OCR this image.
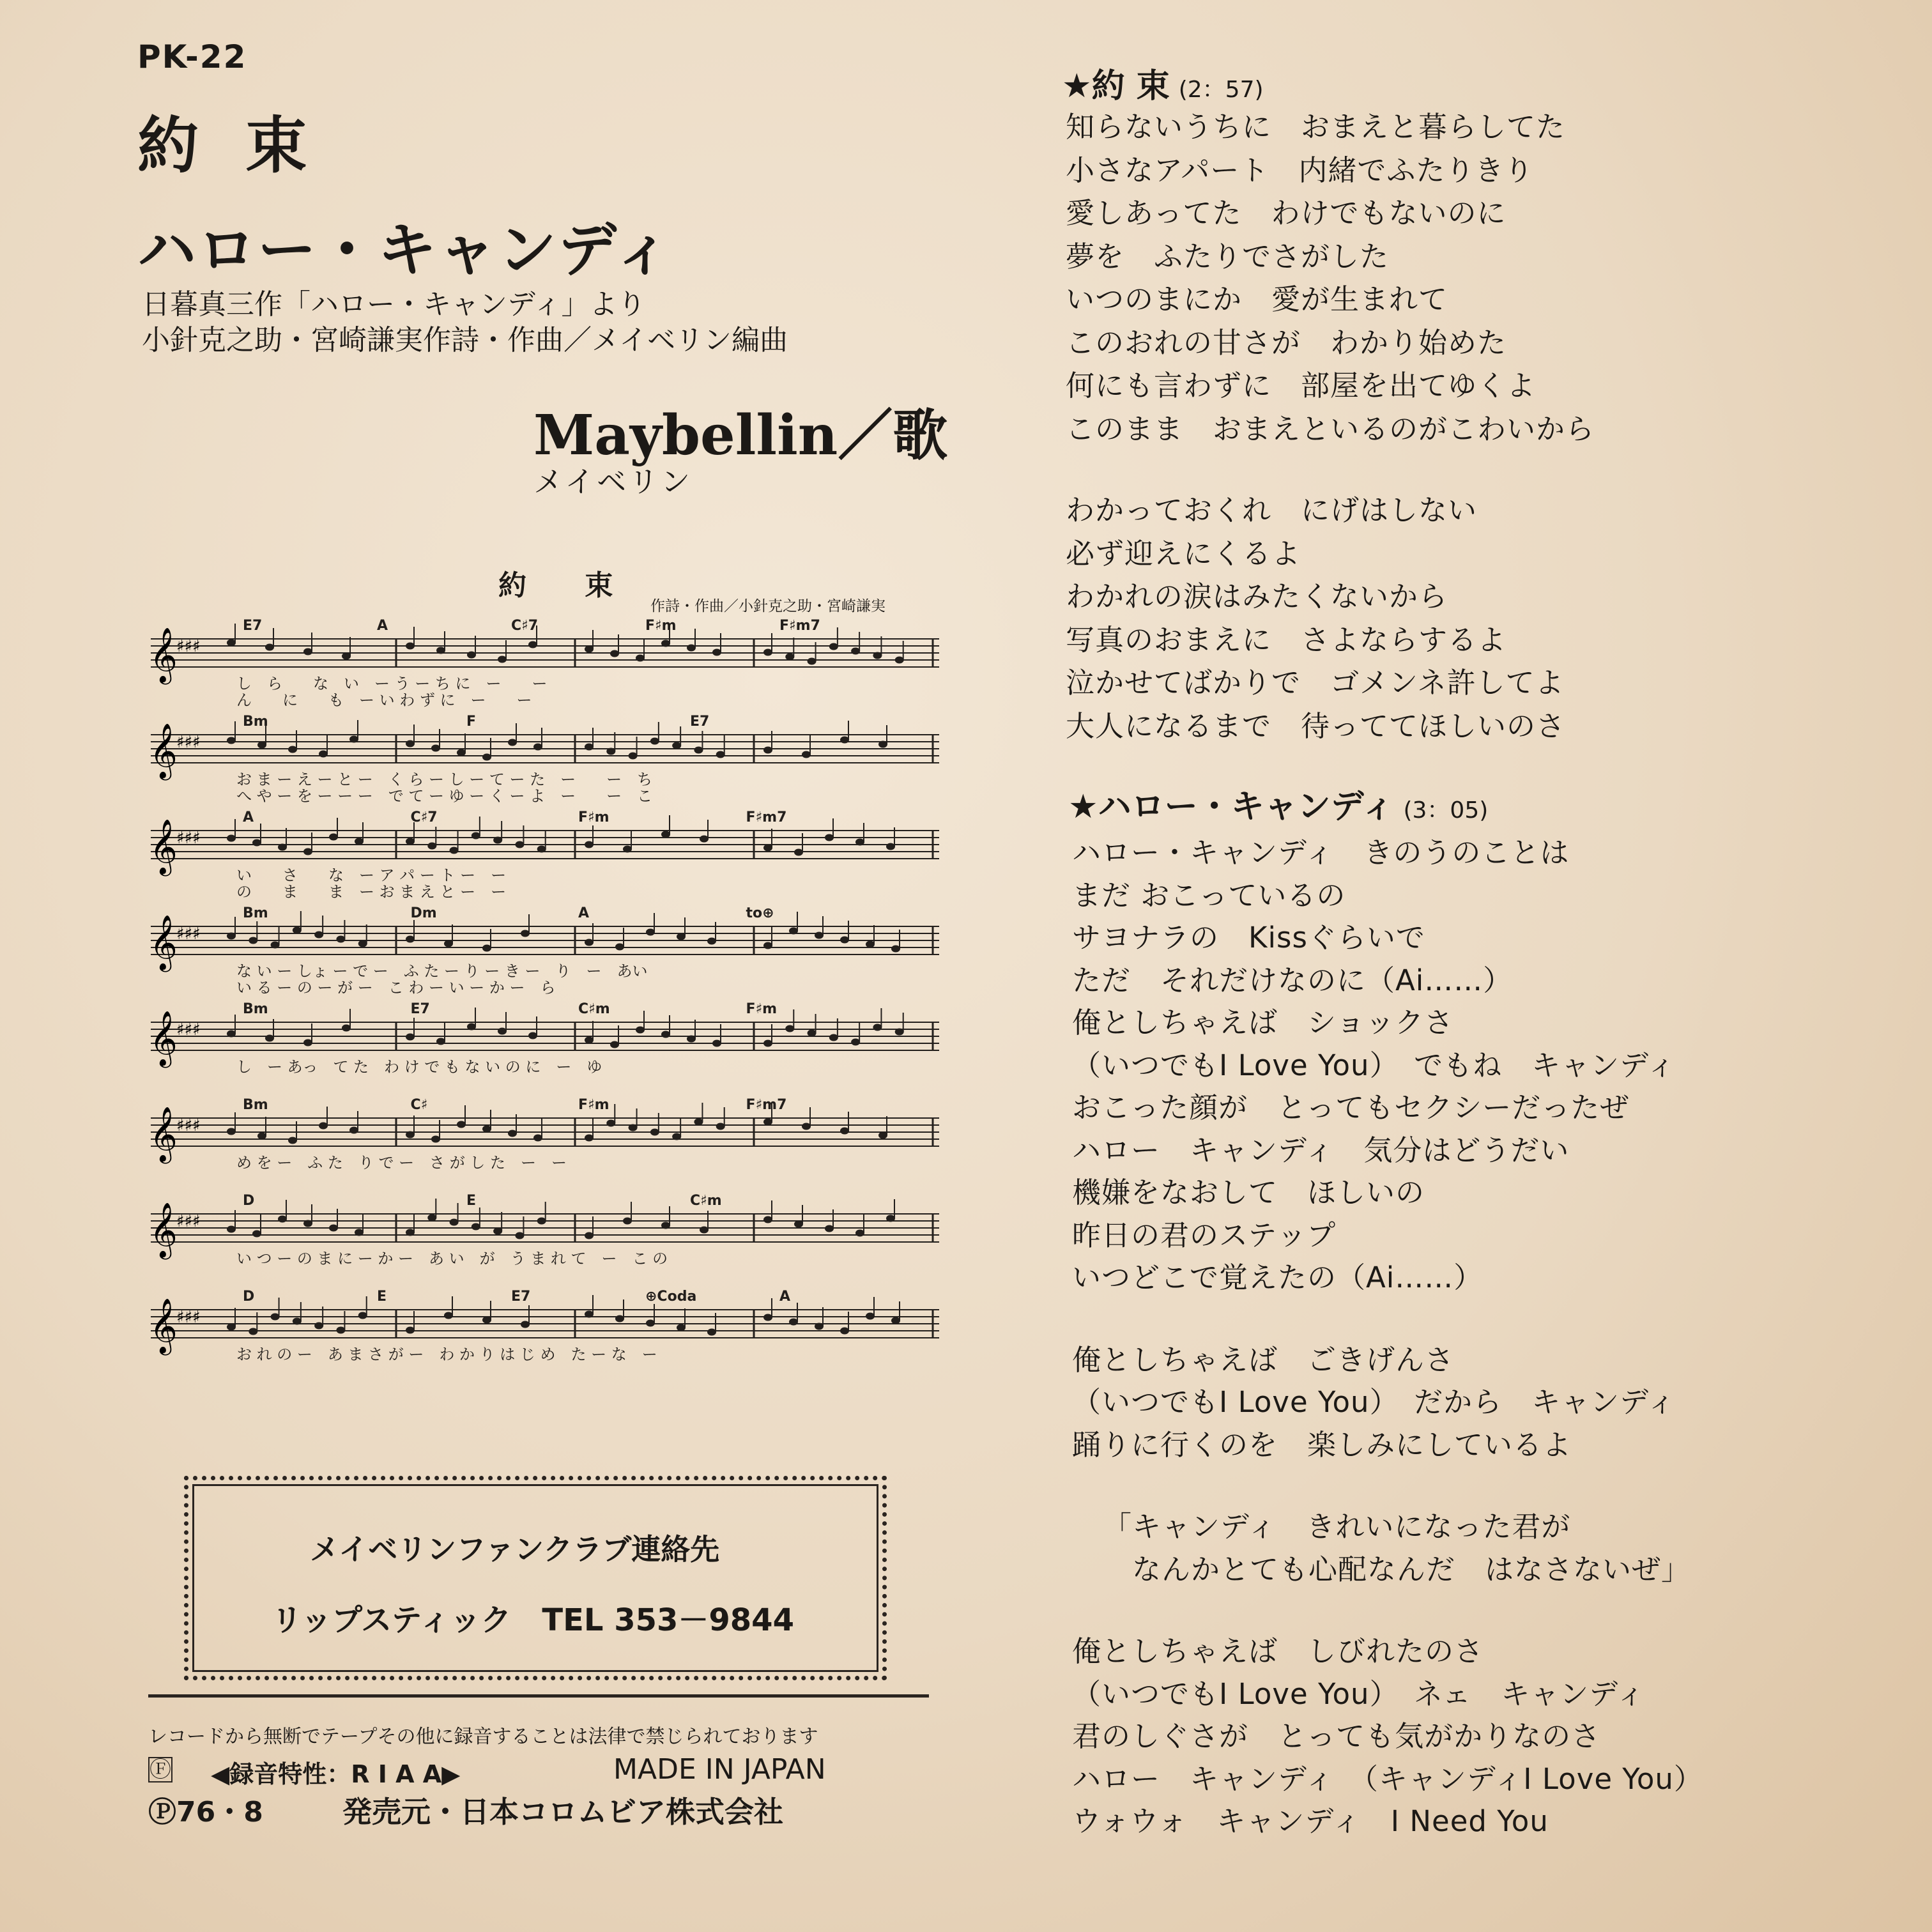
PK-22
約 束
ハロー・キャンディ
日暮真三作「ハロー・キャンディ」より
小針克之助・宮崎謙実作詩・作曲／メイベリン編曲
Maybellin／歌
メイベリン
約 束
作詩・作曲／小針克之助・宮崎謙実
𝄞
♯♯♯
E7	A	C♯7	F♯m	F♯m7
し　ら　　な　い　ー う ー ち に　ー　　ー
ん　　に　　も　ー い わ ず に　ー　　ー
𝄞
♯♯♯
Bm	F	E7
お ま ー え ー と ー　く ら ー し ー て ー た　ー　　ー　ち
へ や ー を ー ー ー　で て ー ゆ ー く ー よ　ー　　ー　こ
𝄞
♯♯♯
A	C♯7	F♯m	F♯m7
い　　さ　　な　ー ア パ ー ト ー　ー
の　　ま　　ま　ー お ま え と ー　ー
𝄞
♯♯♯
Bm	Dm	A	to⊕
な い ー しょ ー で ー　ふ た ー り ー き ー　り　ー　あい
い る ー の ー が ー　こ わ ー い ー か ー　ら
𝄞
♯♯♯
Bm	E7	C♯m	F♯m
し　ー あっ　て た　わ け で も な い の に　ー　ゆ
𝄞
♯♯♯
Bm	C♯	F♯m	F♯m7
め を ー　ふ た　り で ー　さ が し た　ー　ー
𝄞
♯♯♯
D	E	C♯m
い つ ー の ま に ー か ー　あ い　が　う ま れ て　ー　こ の
𝄞
♯♯♯
D	E	E7	⊕Coda	A
お れ の ー　あ ま さ が ー　わ か り は じ め　た ー な　ー
メイベリンファンクラブ連絡先
リップスティック　TEL 353－9844
レコードから無断でテープその他に録音することは法律で禁じられております
Ⓕ ◀録音特性：R I A A▶	MADE IN JAPAN
Ⓟ76・8	発売元・日本コロムビア株式会社
★約 束 (2：57)
知らないうちに　おまえと暮らしてた
小さなアパート　内緒でふたりきり
愛しあってた　わけでもないのに
夢を　ふたりでさがした
いつのまにか　愛が生まれて
このおれの甘さが　わかり始めた
何にも言わずに　部屋を出てゆくよ
このまま　おまえといるのがこわいから
わかっておくれ　にげはしない
必ず迎えにくるよ
わかれの涙はみたくないから
写真のおまえに　さよならするよ
泣かせてばかりで　ゴメンネ許してよ
大人になるまで　待っててほしいのさ
★ハロー・キャンディ (3：05)
ハロー・キャンディ　きのうのことは
まだ おこっているの
サヨナラの　Kissぐらいで
ただ　それだけなのに（Ai……）
俺としちゃえば　ショックさ
（いつでもI Love You）　でもね　キャンディ
おこった顔が　とってもセクシーだったぜ
ハロー　キャンディ　気分はどうだい
機嫌をなおして　ほしいの
昨日の君のステップ
いつどこで覚えたの（Ai……）
俺としちゃえば　ごきげんさ
（いつでもI Love You）　だから　キャンディ
踊りに行くのを　楽しみにしているよ
「キャンディ　きれいになった君が
　なんかとても心配なんだ　はなさないぜ」
俺としちゃえば　しびれたのさ
（いつでもI Love You）　ネェ　キャンディ
君のしぐさが　とっても気がかりなのさ
ハロー　キャンディ　（キャンディI Love You）
ウォウォ　キャンディ　I Need You
